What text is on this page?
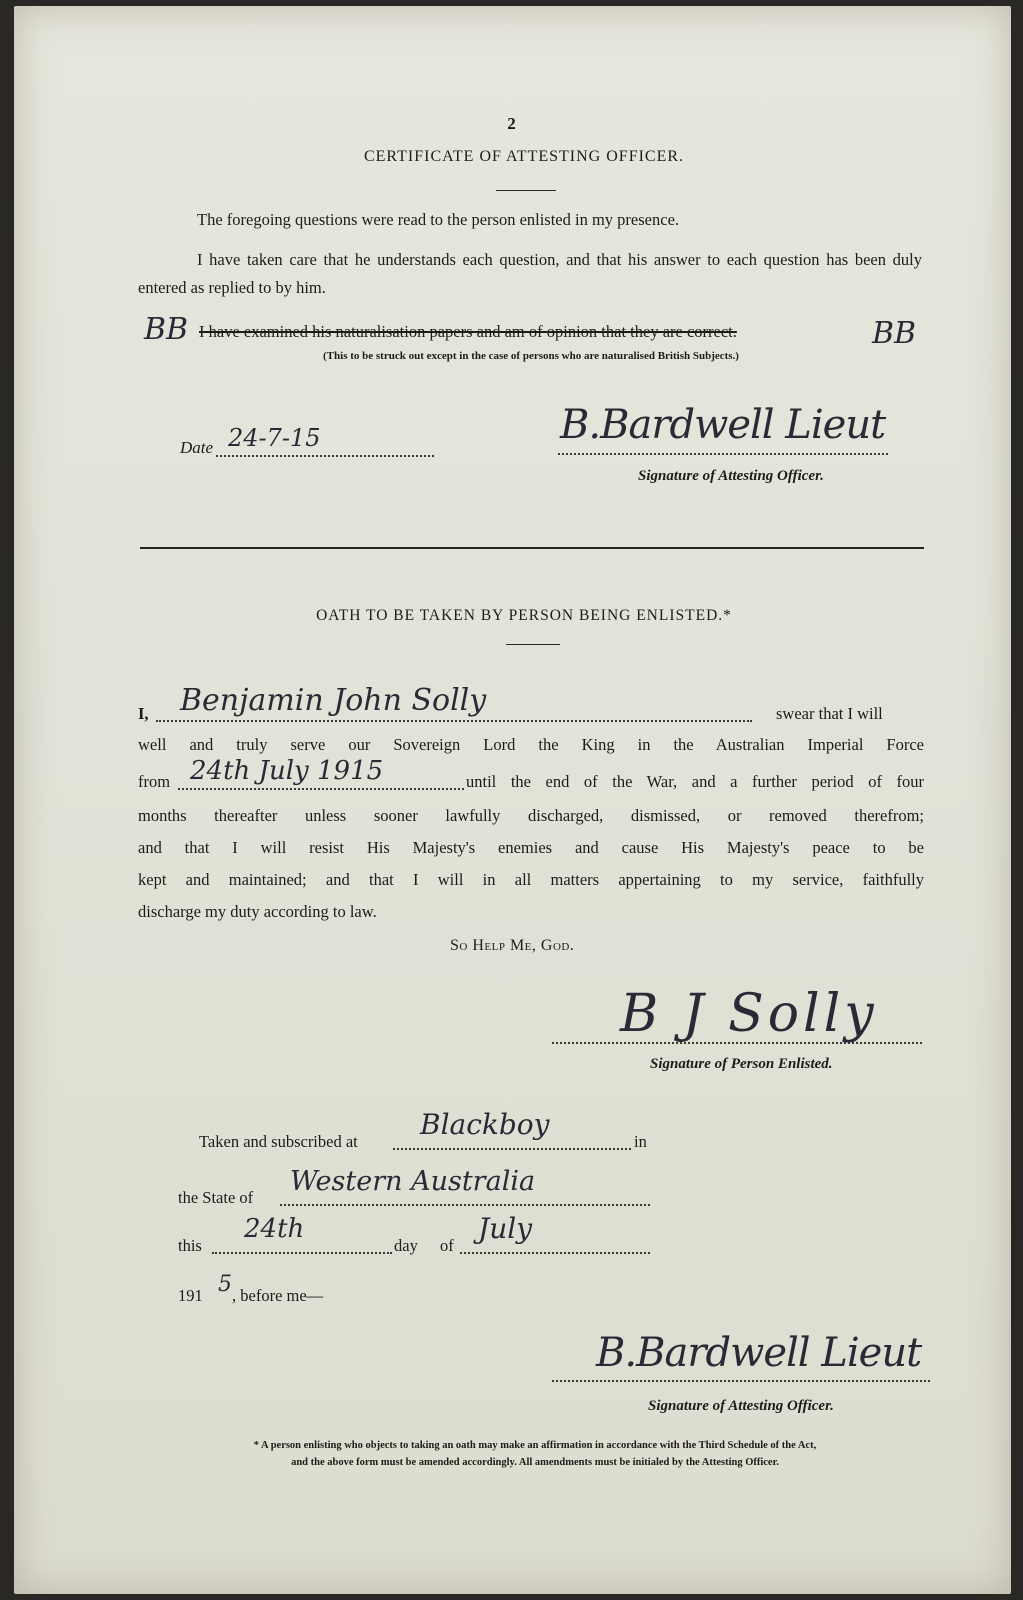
2
CERTIFICATE OF ATTESTING OFFICER.
The foregoing questions were read to the person enlisted in my presence.
I have taken care that he understands each question, and that his answer to each question has been duly entered as replied to by him.
BB I have examined his naturalisation papers and am of opinion that they are correct.	BB
(This to be struck out except in the case of persons who are naturalised British Subjects.)
Date 24-7-15	B.Bardwell Lieut
Signature of Attesting Officer.
OATH TO BE TAKEN BY PERSON BEING ENLISTED.*
I, Benjamin John Solly	swear that I will
well and truly serve our Sovereign Lord the King in the Australian Imperial Force
from 24th July 1915	until the end of the War, and a further period of four
months thereafter unless sooner lawfully discharged, dismissed, or removed therefrom;
and that I will resist His Majesty's enemies and cause His Majesty's peace to be
kept and maintained; and that I will in all matters appertaining to my service, faithfully
discharge my duty according to law.
So Help Me, God.
B J Solly
Signature of Person Enlisted.
Taken and subscribed at
Blackboy
in
the State of
Western Australia
this
24th
day of
July
191 5 , before me—
B.Bardwell Lieut
Signature of Attesting Officer.
* A person enlisting who objects to taking an oath may make an affirmation in accordance with the Third Schedule of the Act,
and the above form must be amended accordingly. All amendments must be initialed by the Attesting Officer.
